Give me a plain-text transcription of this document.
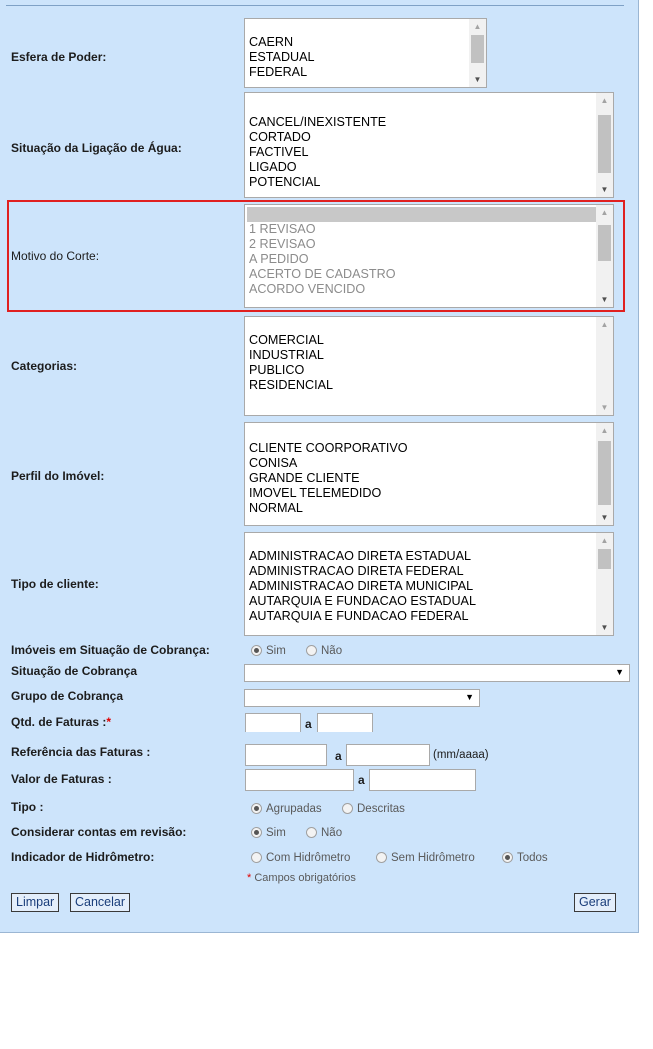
Esfera de Poder:
CAERN
ESTADUAL
FEDERAL
▲
▼
Situação da Ligação de Água:
CANCEL/INEXISTENTE
CORTADO
FACTIVEL
LIGADO
POTENCIAL
▲
▼
Motivo do Corte:
1 REVISAO
2 REVISAO
A PEDIDO
ACERTO DE CADASTRO
ACORDO VENCIDO
▲
▼
Categorias:
COMERCIAL
INDUSTRIAL
PUBLICO
RESIDENCIAL
▲
▼
Perfil do Imóvel:
CLIENTE COORPORATIVO
CONISA
GRANDE CLIENTE
IMOVEL TELEMEDIDO
NORMAL
▲
▼
Tipo de cliente:
ADMINISTRACAO DIRETA ESTADUAL
ADMINISTRACAO DIRETA FEDERAL
ADMINISTRACAO DIRETA MUNICIPAL
AUTARQUIA E FUNDACAO ESTADUAL
AUTARQUIA E FUNDACAO FEDERAL
▲
▼
Imóveis em Situação de Cobrança:	Sim	Não
Situação de Cobrança	▼
Grupo de Cobrança	▼
Qtd. de Faturas :*	a
Referência das Faturas :	a	(mm/aaaa)
Valor de Faturas :	a
Tipo :	Agrupadas	Descritas
Considerar contas em revisão:	Sim	Não
Indicador de Hidrômetro:	Com Hidrômetro	Sem Hidrômetro	Todos
* Campos obrigatórios
Limpar	Cancelar	Gerar
